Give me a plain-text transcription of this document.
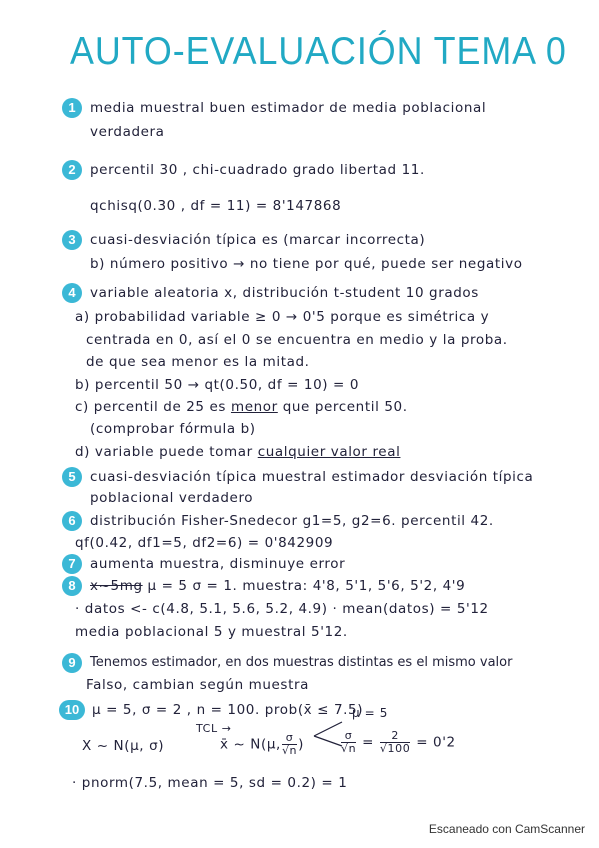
AUTO-EVALUACIÓN TEMA 0
1	media muestral buen estimador de media poblacional
verdadera
2	percentil 30 , chi-cuadrado grado libertad 11.
qchisq(0.30 , df = 11) = 8'147868
3	cuasi-desviación típica es (marcar incorrecta)
b) número positivo → no tiene por qué, puede ser negativo
4	variable aleatoria x, distribución t-student 10 grados
a) probabilidad variable ≥ 0 → 0'5 porque es simétrica y
centrada en 0, así el 0 se encuentra en medio y la proba.
de que sea menor es la mitad.
b) percentil 50 → qt(0.50, df = 10) = 0
c) percentil de 25 es menor que percentil 50.
(comprobar fórmula b)
d) variable puede tomar cualquier valor real
5	cuasi-desviación típica muestral estimador desviación típica
poblacional verdadero
6	distribución Fisher-Snedecor g1=5, g2=6. percentil 42.
qf(0.42, df1=5, df2=6) = 0'842909
7	aumenta muestra, disminuye error
8	x~5mg μ = 5 σ = 1. muestra: 4'8, 5'1, 5'6, 5'2, 4'9
· datos <- c(4.8, 5.1, 5.6, 5.2, 4.9) · mean(datos) = 5'12
media poblacional 5 y muestral 5'12.
9	Tenemos estimador, en dos muestras distintas es el mismo valor
Falso, cambian según muestra
10 μ = 5, σ = 2 , n = 100. prob(x̄ ≤ 7.5)
TCL →
X ~ N(μ, σ)	x̄ ~ N(μ, $\frac{\sigma}{√n}$ )
μ = 5
$\frac{\sigma}{√n} = \frac{2}{√100} = 0'2$
· pnorm(7.5, mean = 5, sd = 0.2) = 1
Escaneado con CamScanner
